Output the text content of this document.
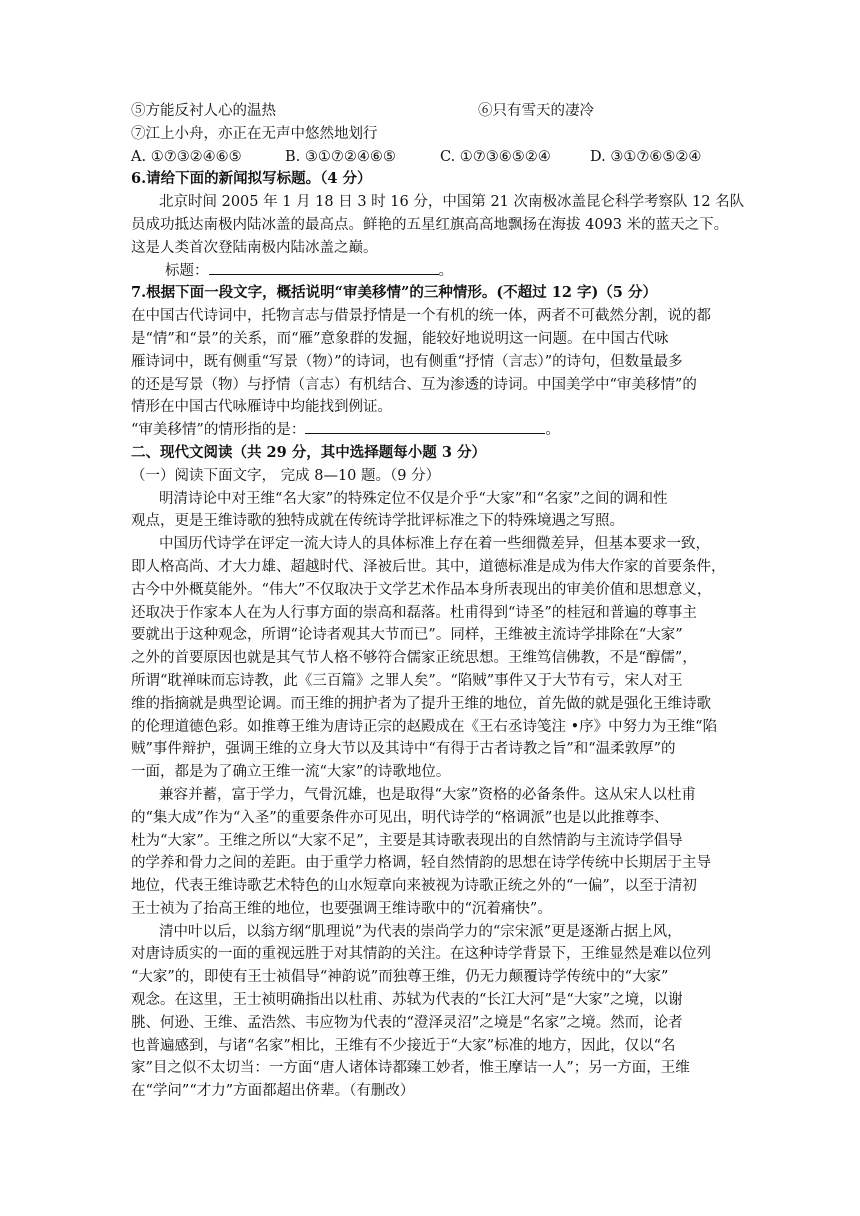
⑤方能反衬人心的温热	⑥只有雪天的凄冷
⑦江上小舟，亦正在无声中悠然地划行
A. ①⑦③②④⑥⑤	B. ③①⑦②④⑥⑤	C. ①⑦③⑥⑤②④	D. ③①⑦⑥⑤②④
6.请给下面的新闻拟写标题。（4 分）
北京时间 2005 年 1 月 18 日 3 时 16 分，中国第 21 次南极冰盖昆仑科学考察队 12 名队
员成功抵达南极内陆冰盖的最高点。鲜艳的五星红旗高高地飘扬在海拔 4093 米的蓝天之下。
这是人类首次登陆南极内陆冰盖之巅。
标题：	。
7.根据下面一段文字，概括说明“审美移情”的三种情形。(不超过 12 字)（5 分）
在中国古代诗词中，托物言志与借景抒情是一个有机的统一体，两者不可截然分割，说的都
是“情”和“景”的关系，而“雁”意象群的发掘，能较好地说明这一问题。在中国古代咏
雁诗词中，既有侧重“写景（物）”的诗词，也有侧重“抒情（言志）”的诗句，但数量最多
的还是写景（物）与抒情（言志）有机结合、互为渗透的诗词。中国美学中“审美移情”的
情形在中国古代咏雁诗中均能找到例证。
“审美移情”的情形指的是：	。
二、现代文阅读（共 29 分，其中选择题每小题 3 分）
（一）阅读下面文字， 完成 8—10 题。（9 分）
明清诗论中对王维“名大家”的特殊定位不仅是介乎“大家”和“名家”之间的调和性
观点，更是王维诗歌的独特成就在传统诗学批评标准之下的特殊境遇之写照。
中国历代诗学在评定一流大诗人的具体标准上存在着一些细微差异，但基本要求一致，
即人格高尚、才大力雄、超越时代、泽被后世。其中，道德标准是成为伟大作家的首要条件，
古今中外概莫能外。“伟大”不仅取决于文学艺术作品本身所表现出的审美价值和思想意义，
还取决于作家本人在为人行事方面的崇高和磊落。杜甫得到“诗圣”的桂冠和普遍的尊事主
要就出于这种观念，所谓“论诗者观其大节而已”。同样，王维被主流诗学排除在“大家”
之外的首要原因也就是其气节人格不够符合儒家正统思想。王维笃信佛教，不是“醇儒”，
所谓“耽禅味而忘诗教，此《三百篇》之罪人矣”。“陷贼”事件又于大节有亏，宋人对王
维的指摘就是典型论调。而王维的拥护者为了提升王维的地位，首先做的就是强化王维诗歌
的伦理道德色彩。如推尊王维为唐诗正宗的赵殿成在《王右丞诗笺注 •序》中努力为王维“陷
贼”事件辩护，强调王维的立身大节以及其诗中“有得于古者诗教之旨”和“温柔敦厚”的
一面，都是为了确立王维一流“大家”的诗歌地位。
兼容并蓄，富于学力，气骨沉雄，也是取得“大家”资格的必备条件。这从宋人以杜甫
的“集大成”作为“入圣”的重要条件亦可见出，明代诗学的“格调派”也是以此推尊李、
杜为“大家”。王维之所以“大家不足”，主要是其诗歌表现出的自然情韵与主流诗学倡导
的学养和骨力之间的差距。由于重学力格调，轻自然情韵的思想在诗学传统中长期居于主导
地位，代表王维诗歌艺术特色的山水短章向来被视为诗歌正统之外的“一偏”，以至于清初
王士祯为了抬高王维的地位，也要强调王维诗歌中的“沉着痛快”。
清中叶以后，以翁方纲“肌理说”为代表的崇尚学力的“宗宋派”更是逐渐占据上风，
对唐诗质实的一面的重视远胜于对其情韵的关注。在这种诗学背景下，王维显然是难以位列
“大家”的，即使有王士祯倡导“神韵说”而独尊王维，仍无力颠覆诗学传统中的“大家”
观念。在这里，王士祯明确指出以杜甫、苏轼为代表的“长江大河”是“大家”之境，以谢
朓、何逊、王维、孟浩然、韦应物为代表的“澄泽灵沼”之境是“名家”之境。然而，论者
也普遍感到，与诸“名家”相比，王维有不少接近于“大家”标准的地方，因此，仅以“名
家”目之似不太切当：一方面“唐人诸体诗都臻工妙者，惟王摩诘一人”；另一方面，王维
在“学问”“才力”方面都超出侪辈。（有删改）
